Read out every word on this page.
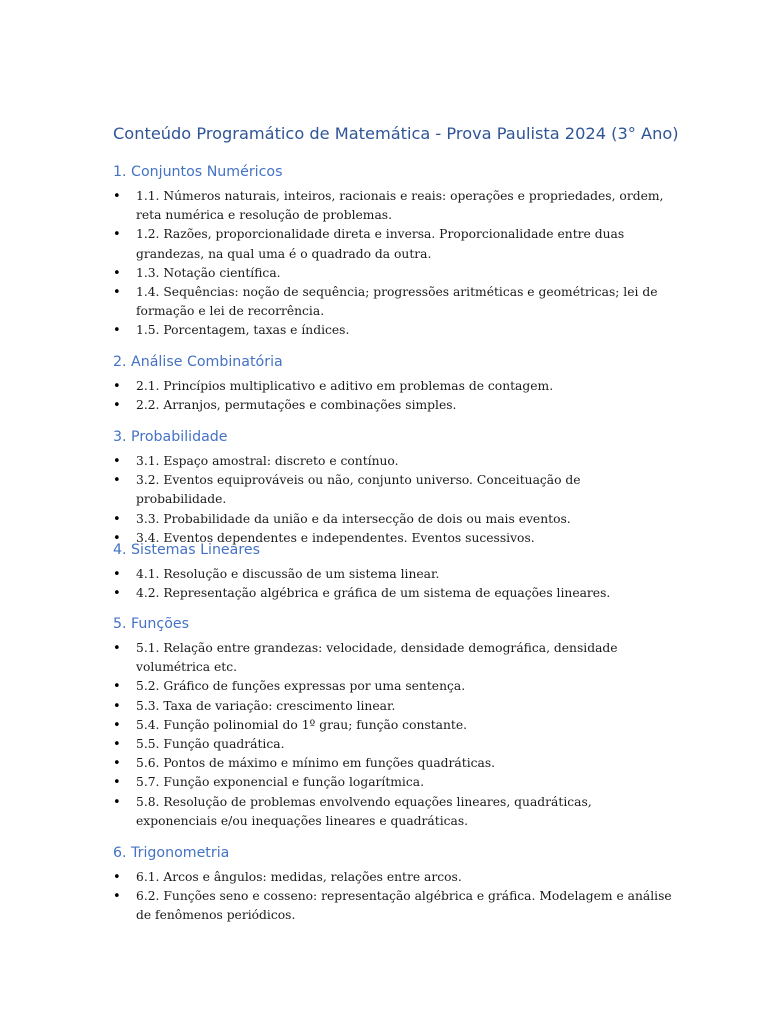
Conteúdo Programático de Matemática - Prova Paulista 2024 (3° Ano)
1. Conjuntos Numéricos
• 1.1. Números naturais, inteiros, racionais e reais: operações e propriedades, ordem, reta numérica e resolução de problemas.
• 1.2. Razões, proporcionalidade direta e inversa. Proporcionalidade entre duas grandezas, na qual uma é o quadrado da outra.
• 1.3. Notação científica.
• 1.4. Sequências: noção de sequência; progressões aritméticas e geométricas; lei de formação e lei de recorrência.
• 1.5. Porcentagem, taxas e índices.
2. Análise Combinatória
• 2.1. Princípios multiplicativo e aditivo em problemas de contagem.
• 2.2. Arranjos, permutações e combinações simples.
3. Probabilidade
• 3.1. Espaço amostral: discreto e contínuo.
• 3.2. Eventos equiprováveis ou não, conjunto universo. Conceituação de probabilidade.
• 3.3. Probabilidade da união e da intersecção de dois ou mais eventos.
• 3.4. Eventos dependentes e independentes. Eventos sucessivos.
4. Sistemas Lineares
• 4.1. Resolução e discussão de um sistema linear.
• 4.2. Representação algébrica e gráfica de um sistema de equações lineares.
5. Funções
• 5.1. Relação entre grandezas: velocidade, densidade demográfica, densidade volumétrica etc.
• 5.2. Gráfico de funções expressas por uma sentença.
• 5.3. Taxa de variação: crescimento linear.
• 5.4. Função polinomial do 1º grau; função constante.
• 5.5. Função quadrática.
• 5.6. Pontos de máximo e mínimo em funções quadráticas.
• 5.7. Função exponencial e função logarítmica.
• 5.8. Resolução de problemas envolvendo equações lineares, quadráticas, exponenciais e/ou inequações lineares e quadráticas.
6. Trigonometria
• 6.1. Arcos e ângulos: medidas, relações entre arcos.
• 6.2. Funções seno e cosseno: representação algébrica e gráfica. Modelagem e análise de fenômenos periódicos.
